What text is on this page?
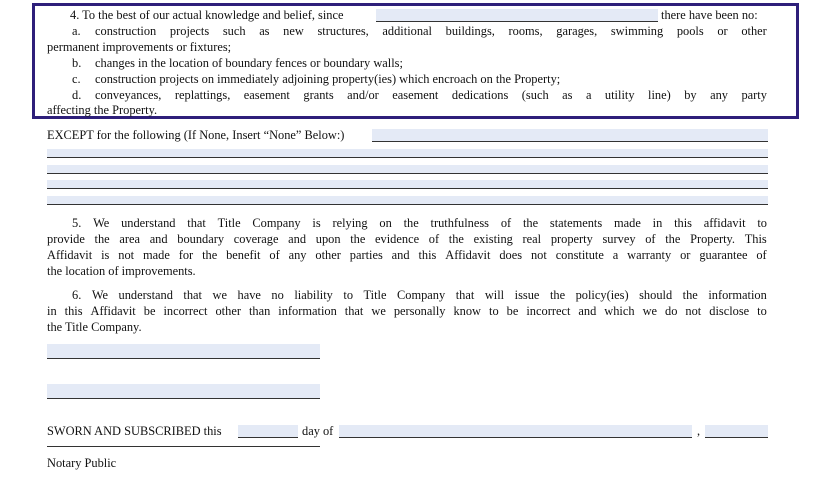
4. To the best of our actual knowledge and belief, since	there have been no:
a. construction projects such as new structures, additional buildings, rooms, garages, swimming pools or other
permanent improvements or fixtures;
b. changes in the location of boundary fences or boundary walls;
c. construction projects on immediately adjoining property(ies) which encroach on the Property;
d. conveyances, replattings, easement grants and/or easement dedications (such as a utility line) by any party
affecting the Property.
EXCEPT for the following (If None, Insert “None” Below:)
5. We understand that Title Company is relying on the truthfulness of the statements made in this affidavit to
provide the area and boundary coverage and upon the evidence of the existing real property survey of the Property. This
Affidavit is not made for the benefit of any other parties and this Affidavit does not constitute a warranty or guarantee of
the location of improvements.
6. We understand that we have no liability to Title Company that will issue the policy(ies) should the information
in this Affidavit be incorrect other than information that we personally know to be incorrect and which we do not disclose to
the Title Company.
SWORN AND SUBSCRIBED this	day of	,
Notary Public
